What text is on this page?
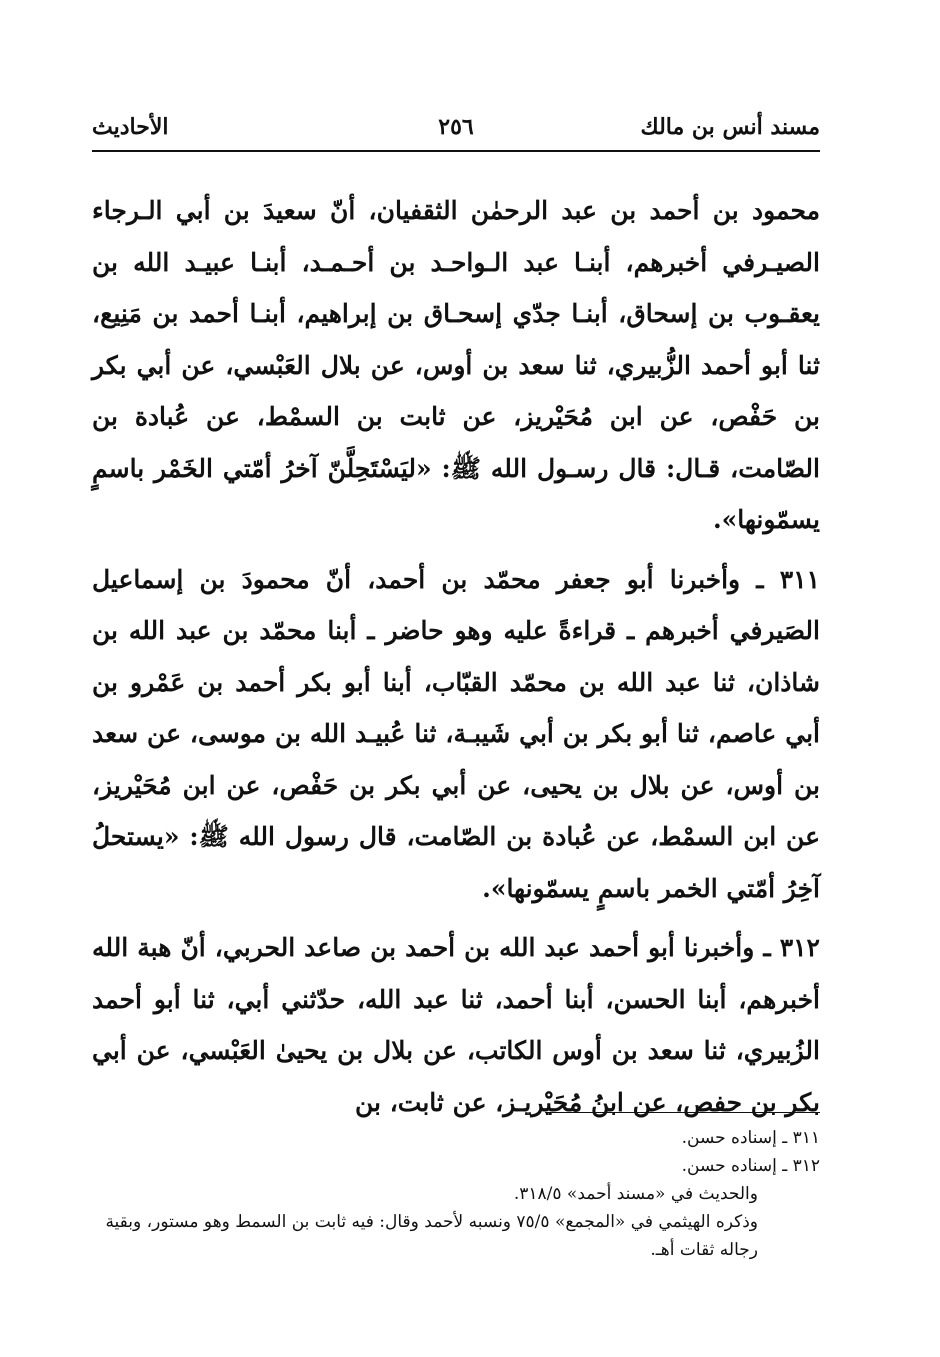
مسند أنس بن مالك
٢٥٦
الأحاديث

محمود بن أحمد بن عبد الرحمٰن الثقفيان، أنّ سعيدَ بن أبي الـرجاء الصيـرفي أخبرهم، أبنـا عبد الـواحـد بن أحـمـد، أبنـا عبيـد الله بن يعقـوب بن إسحاق، أبنـا جدّي إسحـاق بن إبراهيم، أبنـا أحمد بن مَنِيع، ثنا أبو أحمد الزُّبيري، ثنا سعد بن أوس، عن بلال العَبْسي، عن أبي بكر بن حَفْص، عن ابن مُحَيْريز، عن ثابت بن السمْط، عن عُبادة بن الصّامت، قـال: قال رسـول الله ﷺ: «ليَسْتَحِلَّنّ آخرُ أمّتي الخَمْر باسمٍ يسمّونها».

٣١١ ـ وأخبرنا أبو جعفر محمّد بن أحمد، أنّ محمودَ بن إسماعيل الصَيرفي أخبرهم ـ قراءةً عليه وهو حاضر ـ أبنا محمّد بن عبد الله بن شاذان، ثنا عبد الله بن محمّد القبّاب، أبنا أبو بكر أحمد بن عَمْرو بن أبي عاصم، ثنا أبو بكر بن أبي شَيبـة، ثنا عُبيـد الله بن موسى، عن سعد بن أوس، عن بلال بن يحيى، عن أبي بكر بن حَفْص، عن ابن مُحَيْريز، عن ابن السمْط، عن عُبادة بن الصّامت، قال رسول الله ﷺ: «يستحلُ آخِرُ أمّتي الخمر باسمٍ يسمّونها».

٣١٢ ـ وأخبرنا أبو أحمد عبد الله بن أحمد بن صاعد الحربي، أنّ هبة الله أخبرهم، أبنا الحسن، أبنا أحمد، ثنا عبد الله، حدّثني أبي، ثنا أبو أحمد الزُبيري، ثنا سعد بن أوس الكاتب، عن بلال بن يحيىٰ العَبْسي، عن أبي بكر بن حفص، عن ابنُ مُحَيْريـز، عن ثابت، بن

٣١١ ـ إسناده حسن.

٣١٢ ـ إسناده حسن.

والحديث في «مسند أحمد» ٣١٨/٥.

وذكره الهيثمي في «المجمع» ٧٥/٥ ونسبه لأحمد وقال: فيه ثابت بن السمط وهو مستور، وبقية رجاله ثقات أهـ.
